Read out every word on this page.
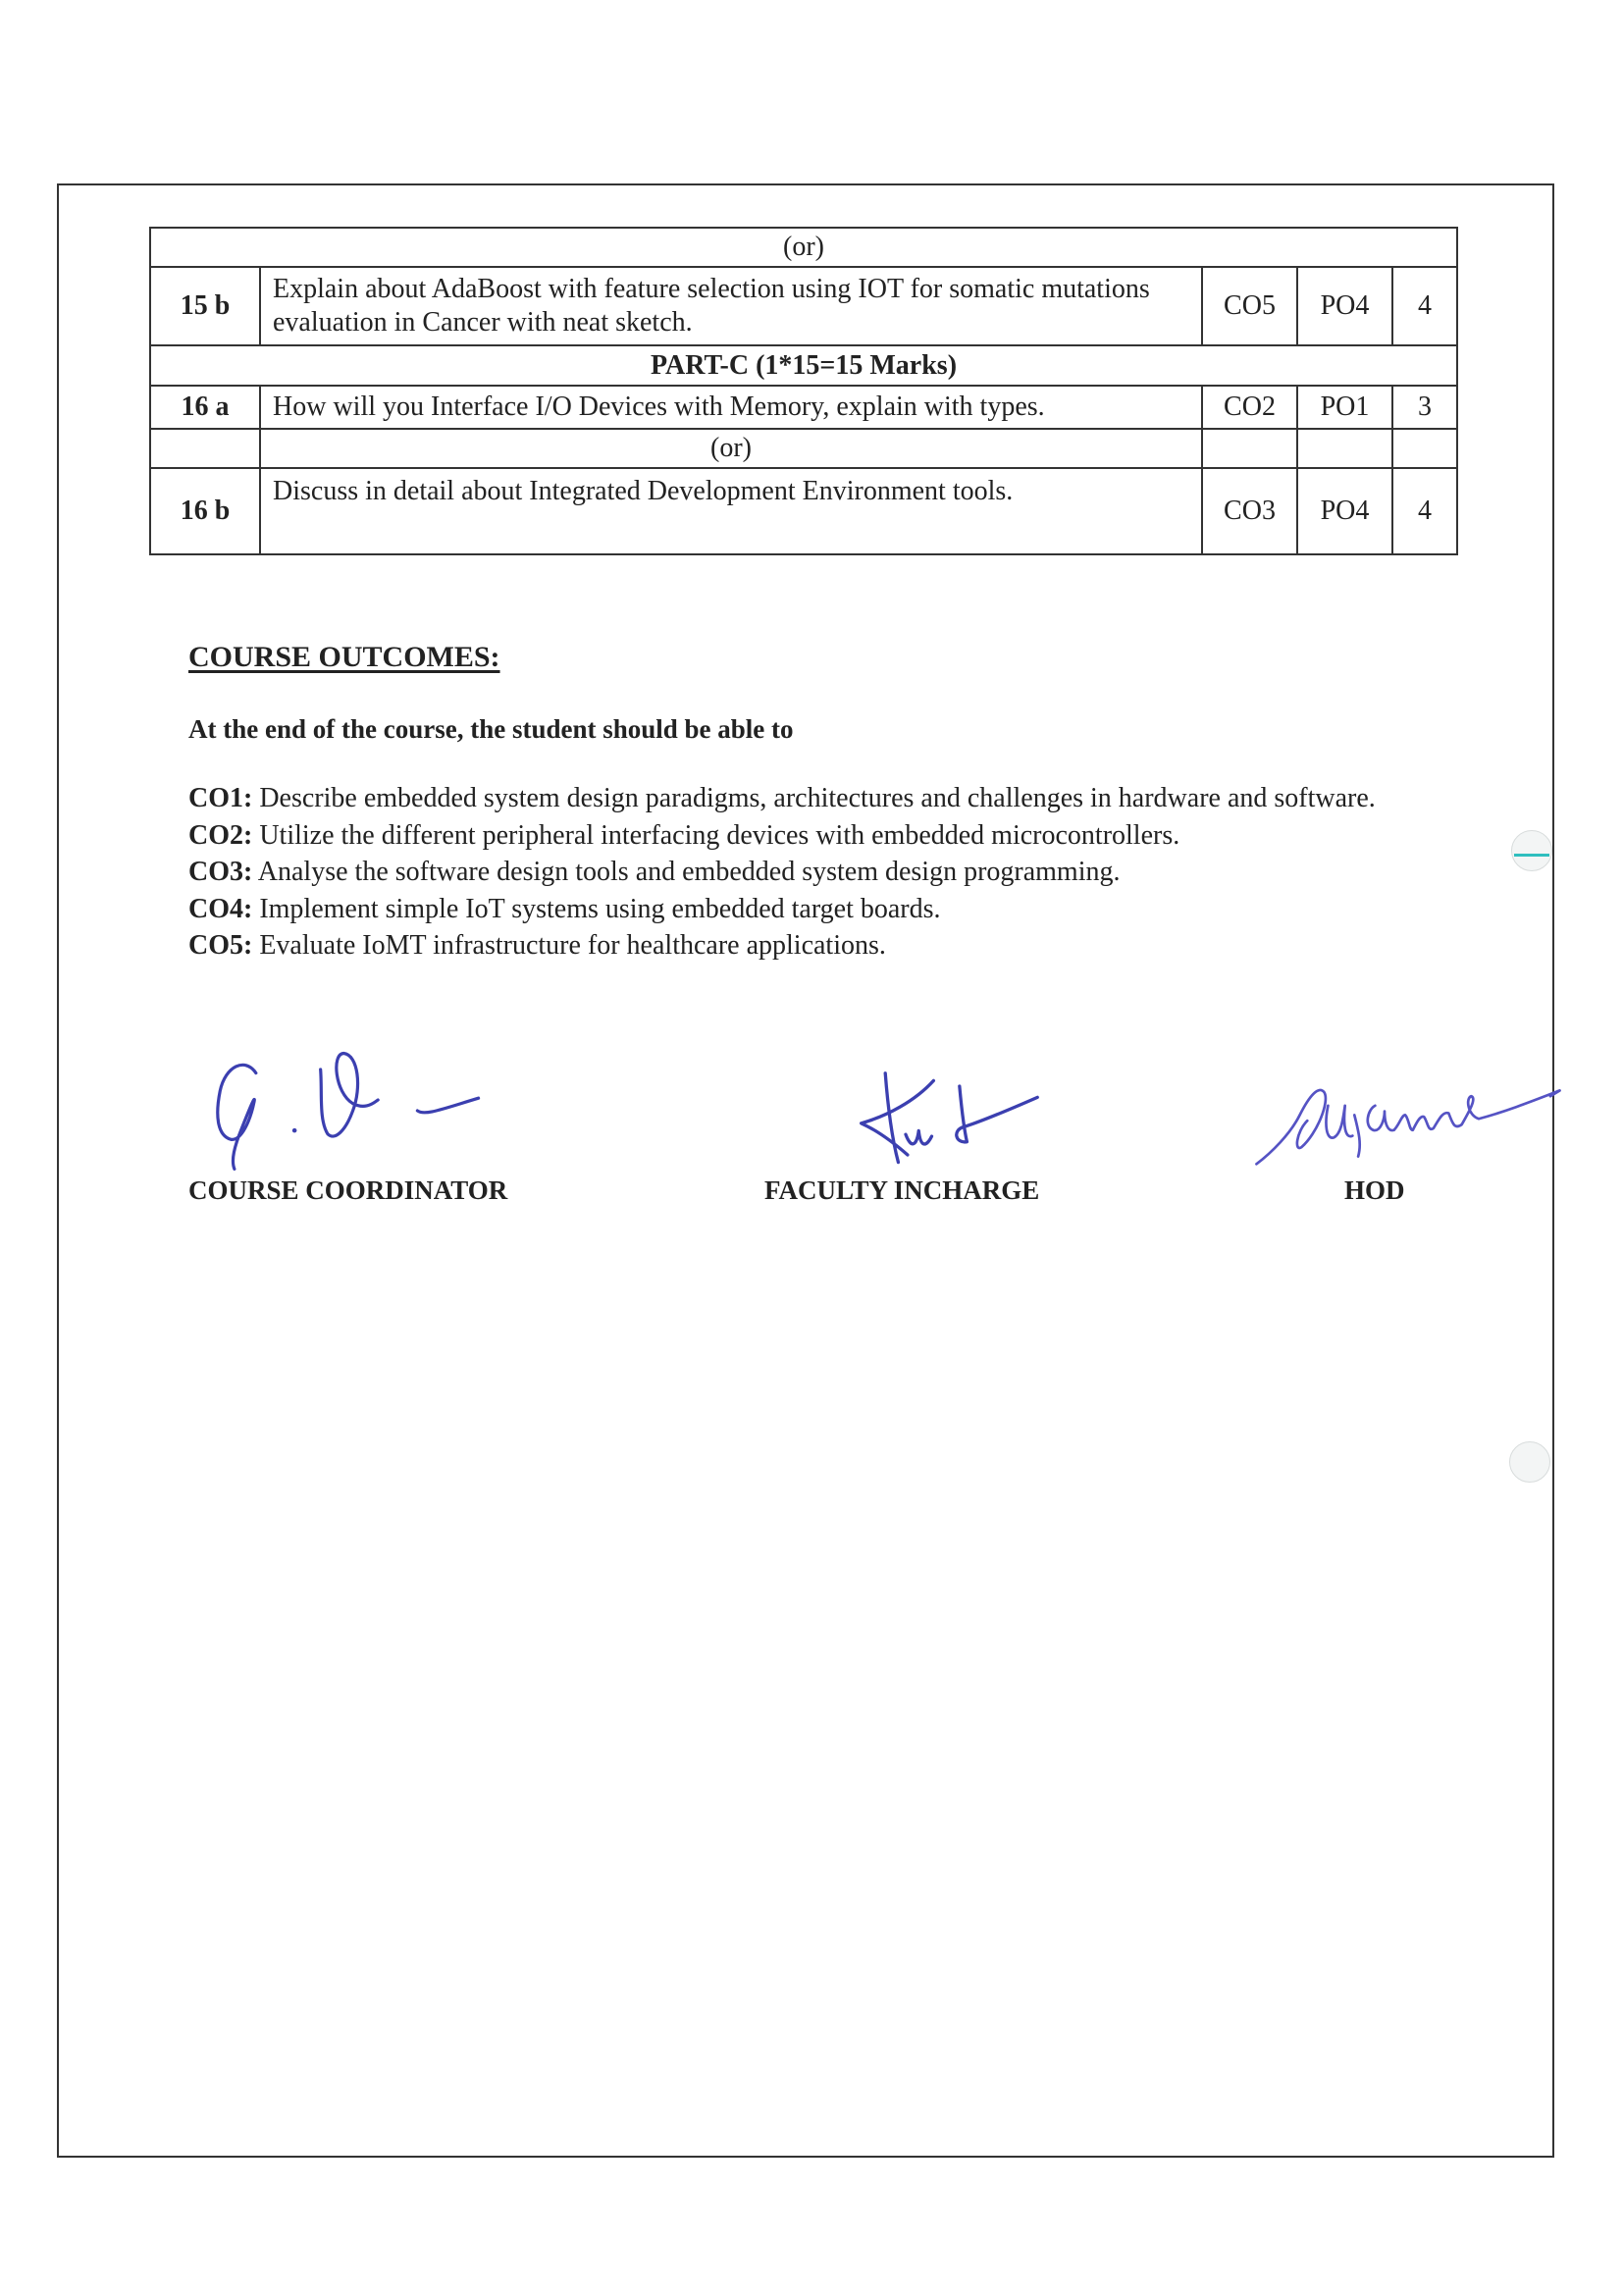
(or)				
15 b	Explain about AdaBoost with feature selection using IOT for somatic mutations evaluation in Cancer with neat sketch.	CO5	PO4	4
PART-C (1*15=15 Marks)				
16 a	How will you Interface I/O Devices with Memory, explain with types.	CO2	PO1	3
	(or)			
16 b	Discuss in detail about Integrated Development Environment tools.	CO3	PO4	4
COURSE OUTCOMES:
At the end of the course, the student should be able to

CO1: Describe embedded system design paradigms, architectures and challenges in hardware and software.

CO2: Utilize the different peripheral interfacing devices with embedded microcontrollers.

CO3: Analyse the software design tools and embedded system design programming.

CO4: Implement simple IoT systems using embedded target boards.

CO5: Evaluate IoMT infrastructure for healthcare applications.

COURSE COORDINATOR	FACULTY INCHARGE	HOD
